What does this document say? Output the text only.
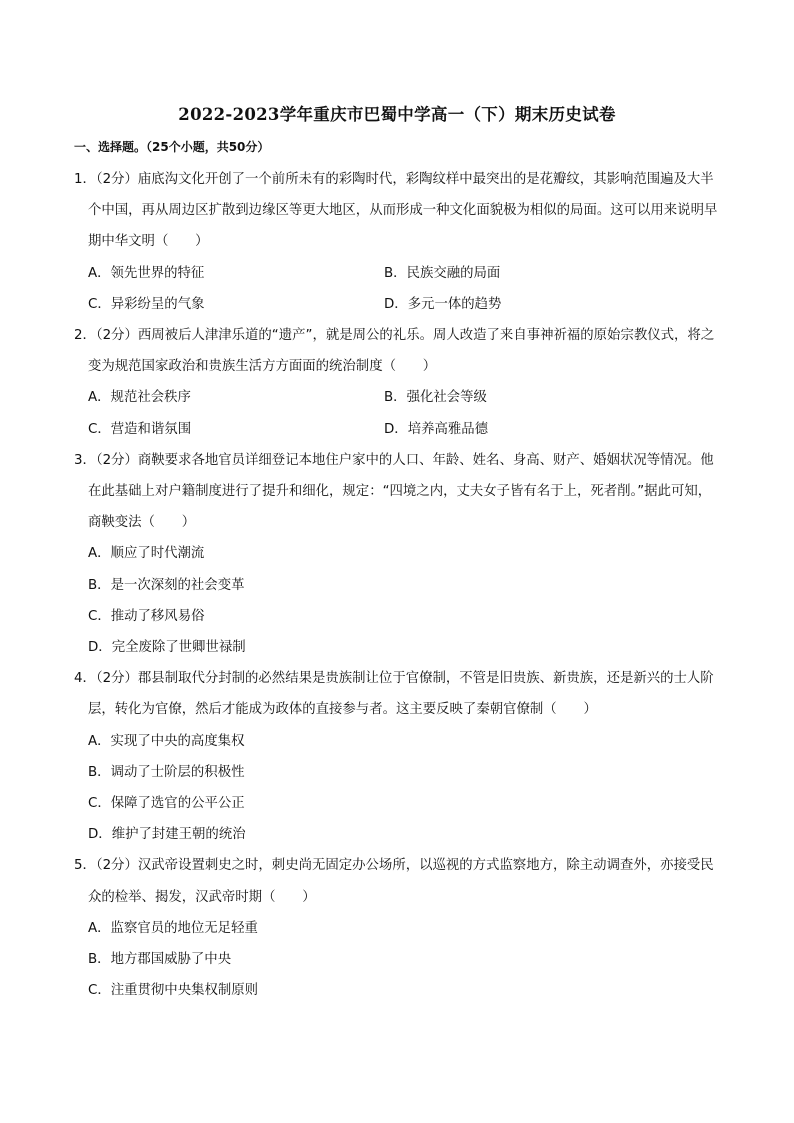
2022-2023学年重庆市巴蜀中学高一（下）期末历史试卷
一、选择题。（25个小题，共50分）

1．（2分）庙底沟文化开创了一个前所未有的彩陶时代，彩陶纹样中最突出的是花瓣纹，其影响范围遍及大半个中国，再从周边区扩散到边缘区等更大地区，从而形成一种文化面貌极为相似的局面。这可以用来说明早期中华文明（　　）

A．领先世界的特征	B．民族交融的局面
C．异彩纷呈的气象	D．多元一体的趋势

2．（2分）西周被后人津津乐道的“遗产”，就是周公的礼乐。周人改造了来自事神祈福的原始宗教仪式，将之变为规范国家政治和贵族生活方方面面的统治制度（　　）

A．规范社会秩序	B．强化社会等级
C．营造和谐氛围	D．培养高雅品德

3．（2分）商鞅要求各地官员详细登记本地住户家中的人口、年龄、姓名、身高、财产、婚姻状况等情况。他在此基础上对户籍制度进行了提升和细化，规定：“四境之内，丈夫女子皆有名于上，死者削。”据此可知，商鞅变法（　　）

A．顺应了时代潮流
B．是一次深刻的社会变革
C．推动了移风易俗
D．完全废除了世卿世禄制

4．（2分）郡县制取代分封制的必然结果是贵族制让位于官僚制，不管是旧贵族、新贵族，还是新兴的士人阶层，转化为官僚，然后才能成为政体的直接参与者。这主要反映了秦朝官僚制（　　）

A．实现了中央的高度集权
B．调动了士阶层的积极性
C．保障了选官的公平公正
D．维护了封建王朝的统治

5．（2分）汉武帝设置刺史之时，刺史尚无固定办公场所，以巡视的方式监察地方，除主动调查外，亦接受民众的检举、揭发，汉武帝时期（　　）

A．监察官员的地位无足轻重
B．地方郡国威胁了中央
C．注重贯彻中央集权制原则
